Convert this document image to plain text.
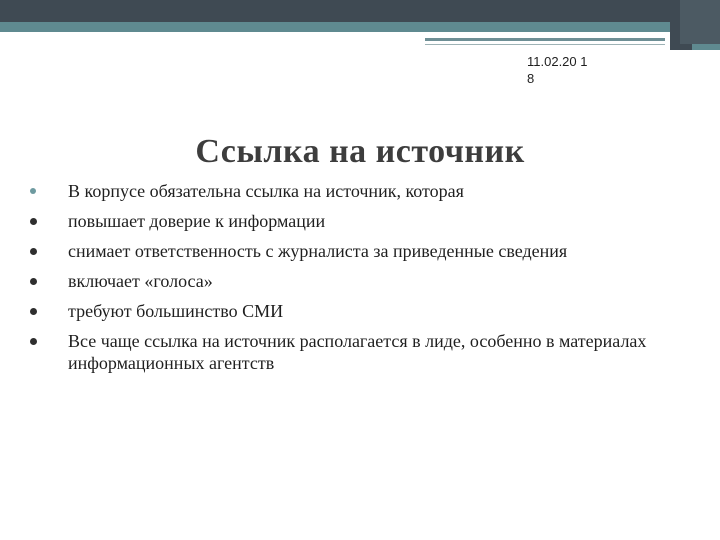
11.02.20 18
Ссылка на источник
В корпусе обязательна ссылка на источник, которая
повышает доверие к информации
снимает ответственность с журналиста за приведенные сведения
включает «голоса»
требуют большинство СМИ
Все чаще ссылка на источник располагается в лиде, особенно в материалах информационных агентств
